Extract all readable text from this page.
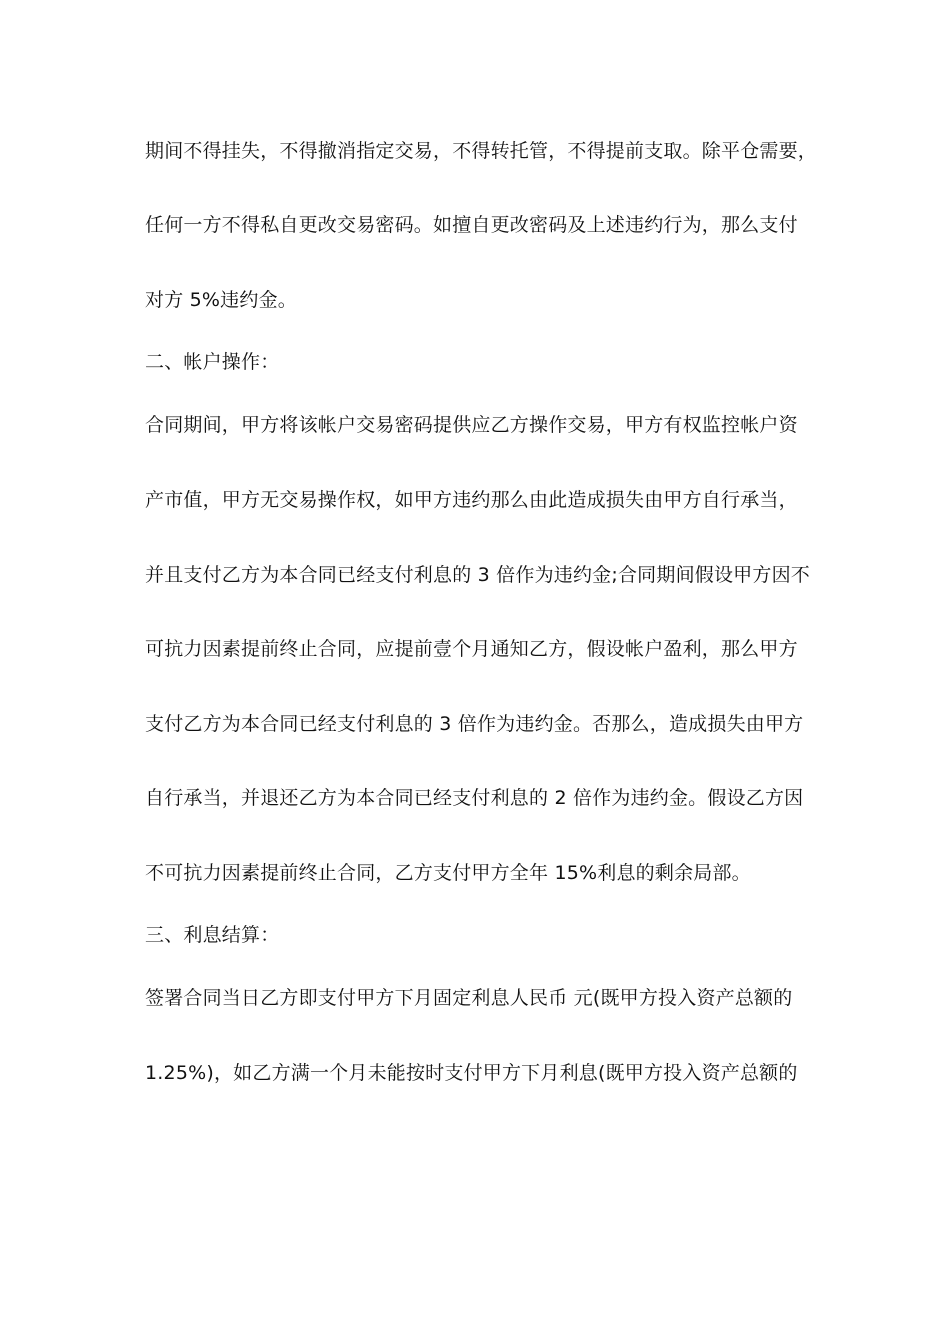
期间不得挂失，不得撤消指定交易，不得转托管，不得提前支取。除平仓需要，
任何一方不得私自更改交易密码。如擅自更改密码及上述违约行为，那么支付
对方 5%违约金。
二、帐户操作：
合同期间，甲方将该帐户交易密码提供应乙方操作交易，甲方有权监控帐户资
产市值，甲方无交易操作权，如甲方违约那么由此造成损失由甲方自行承当，
并且支付乙方为本合同已经支付利息的 3 倍作为违约金;合同期间假设甲方因不
可抗力因素提前终止合同，应提前壹个月通知乙方，假设帐户盈利，那么甲方
支付乙方为本合同已经支付利息的 3 倍作为违约金。否那么，造成损失由甲方
自行承当，并退还乙方为本合同已经支付利息的 2 倍作为违约金。假设乙方因
不可抗力因素提前终止合同，乙方支付甲方全年 15%利息的剩余局部。
三、利息结算：
签署合同当日乙方即支付甲方下月固定利息人民币 元(既甲方投入资产总额的
1.25%)，如乙方满一个月未能按时支付甲方下月利息(既甲方投入资产总额的
